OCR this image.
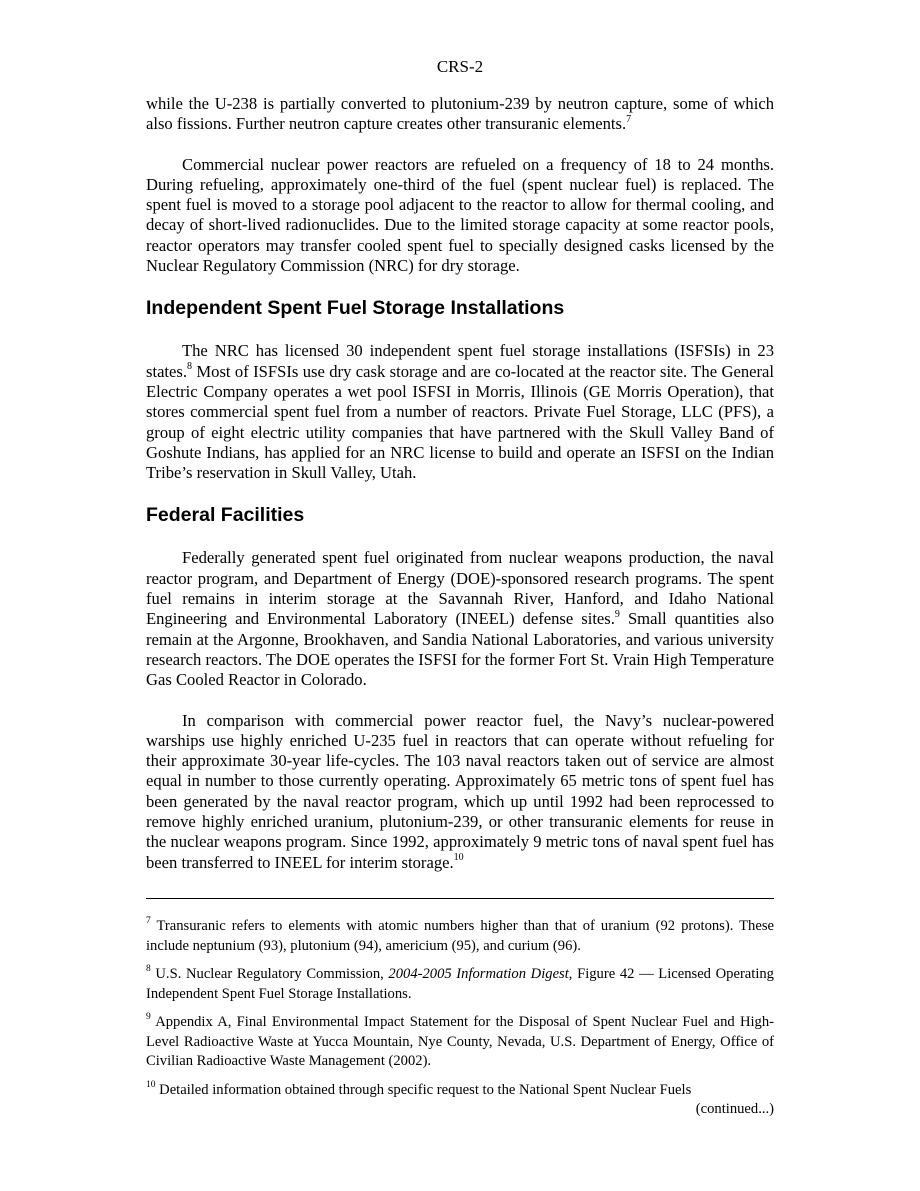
CRS-2

while the U-238 is partially converted to plutonium-239 by neutron capture, some of which also fissions. Further neutron capture creates other transuranic elements.$^7$

Commercial nuclear power reactors are refueled on a frequency of 18 to 24 months. During refueling, approximately one-third of the fuel (spent nuclear fuel) is replaced. The spent fuel is moved to a storage pool adjacent to the reactor to allow for thermal cooling, and decay of short-lived radionuclides. Due to the limited storage capacity at some reactor pools, reactor operators may transfer cooled spent fuel to specially designed casks licensed by the Nuclear Regulatory Commission (NRC) for dry storage.

Independent Spent Fuel Storage Installations

The NRC has licensed 30 independent spent fuel storage installations (ISFSIs) in 23 states.$^8$ Most of ISFSIs use dry cask storage and are co-located at the reactor site. The General Electric Company operates a wet pool ISFSI in Morris, Illinois (GE Morris Operation), that stores commercial spent fuel from a number of reactors. Private Fuel Storage, LLC (PFS), a group of eight electric utility companies that have partnered with the Skull Valley Band of Goshute Indians, has applied for an NRC license to build and operate an ISFSI on the Indian Tribe’s reservation in Skull Valley, Utah.

Federal Facilities

Federally generated spent fuel originated from nuclear weapons production, the naval reactor program, and Department of Energy (DOE)-sponsored research programs. The spent fuel remains in interim storage at the Savannah River, Hanford, and Idaho National Engineering and Environmental Laboratory (INEEL) defense sites.$^9$ Small quantities also remain at the Argonne, Brookhaven, and Sandia National Laboratories, and various university research reactors. The DOE operates the ISFSI for the former Fort St. Vrain High Temperature Gas Cooled Reactor in Colorado.

In comparison with commercial power reactor fuel, the Navy’s nuclear-powered warships use highly enriched U-235 fuel in reactors that can operate without refueling for their approximate 30-year life-cycles. The 103 naval reactors taken out of service are almost equal in number to those currently operating. Approximately 65 metric tons of spent fuel has been generated by the naval reactor program, which up until 1992 had been reprocessed to remove highly enriched uranium, plutonium-239, or other transuranic elements for reuse in the nuclear weapons program. Since 1992, approximately 9 metric tons of naval spent fuel has been transferred to INEEL for interim storage.$^{10}$

$^7$ Transuranic refers to elements with atomic numbers higher than that of uranium (92 protons). These include neptunium (93), plutonium (94), americium (95), and curium (96).

$^8$ U.S. Nuclear Regulatory Commission, 2004-2005 Information Digest, Figure 42 — Licensed Operating Independent Spent Fuel Storage Installations.

$^9$ Appendix A, Final Environmental Impact Statement for the Disposal of Spent Nuclear Fuel and High-Level Radioactive Waste at Yucca Mountain, Nye County, Nevada, U.S. Department of Energy, Office of Civilian Radioactive Waste Management (2002).

$^{10}$ Detailed information obtained through specific request to the National Spent Nuclear Fuels
(continued...)
